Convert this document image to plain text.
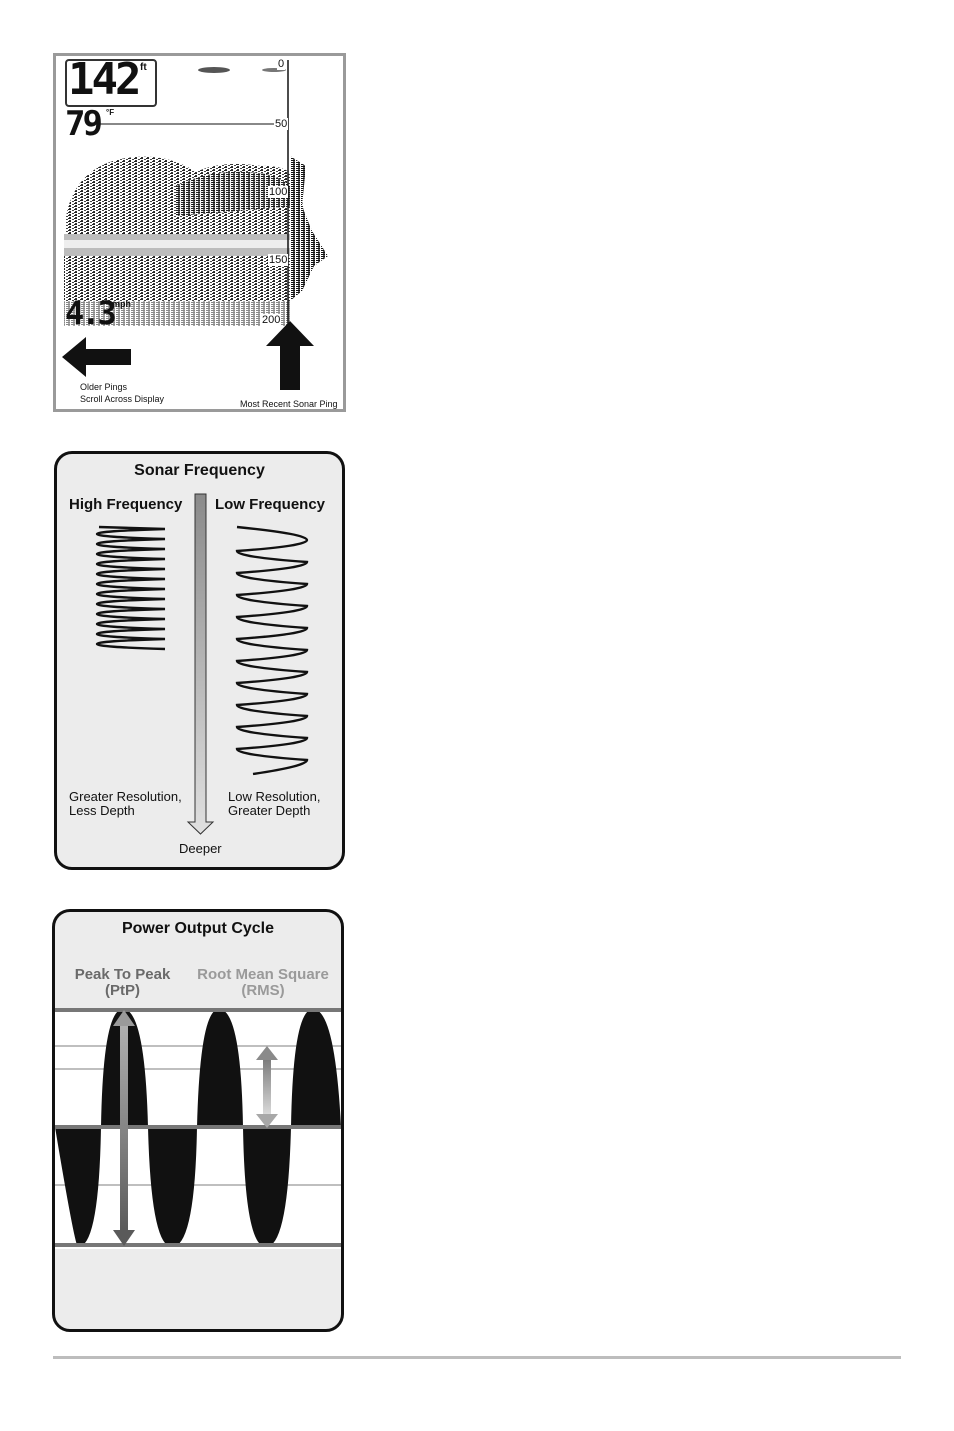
142 ft
79 °F
4.3
mph
0
50
100
150
200
Older Pings
Scroll Across Display	Most Recent Sonar Ping
Sonar Frequency
High Frequency Low Frequency
Greater Resolution,
Less Depth
Low Resolution,
Greater Depth
Deeper
Power Output Cycle
Peak To Peak
(PtP)
Root Mean Square
(RMS)
